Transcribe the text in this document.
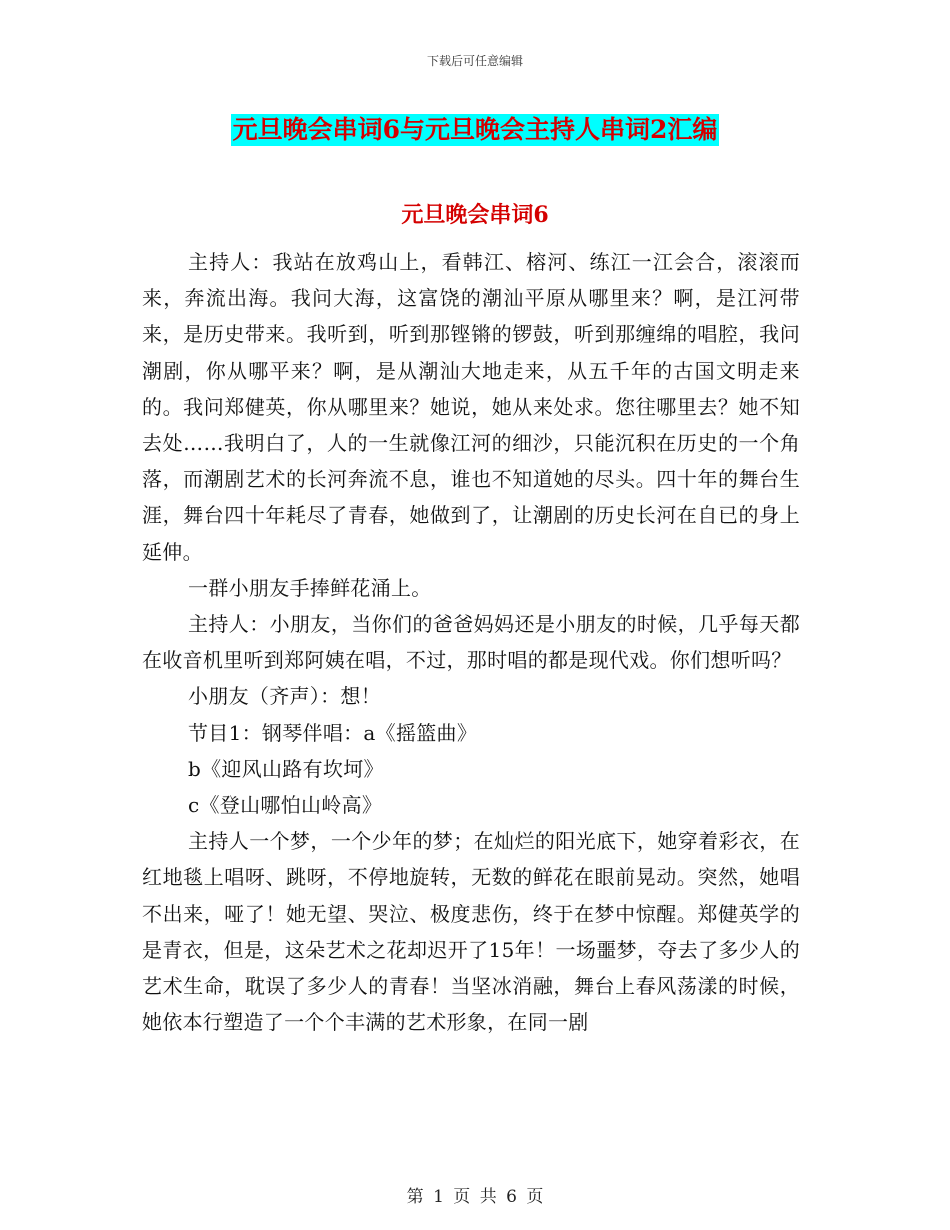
下载后可任意编辑
元旦晚会串词6与元旦晚会主持人串词2汇编
元旦晚会串词6

主持人：我站在放鸡山上，看韩江、榕河、练江一江会合，滚滚而来，奔流出海。我问大海，这富饶的潮汕平原从哪里来？啊，是江河带来，是历史带来。我听到，听到那铿锵的锣鼓，听到那缠绵的唱腔，我问潮剧，你从哪平来？啊，是从潮汕大地走来，从五千年的古国文明走来的。我问郑健英，你从哪里来？她说，她从来处求。您往哪里去？她不知去处……我明白了，人的一生就像江河的细沙，只能沉积在历史的一个角落，而潮剧艺术的长河奔流不息，谁也不知道她的尽头。四十年的舞台生涯，舞台四十年耗尽了青春，她做到了，让潮剧的历史长河在自已的身上延伸。

一群小朋友手捧鲜花涌上。

主持人：小朋友，当你们的爸爸妈妈还是小朋友的时候，几乎每天都在收音机里听到郑阿姨在唱，不过，那时唱的都是现代戏。你们想听吗？

小朋友（齐声）：想！

节目1：钢琴伴唱：a《摇篮曲》

b《迎风山路有坎坷》

c《登山哪怕山岭高》

主持人一个梦，一个少年的梦；在灿烂的阳光底下，她穿着彩衣，在红地毯上唱呀、跳呀，不停地旋转，无数的鲜花在眼前晃动。突然，她唱不出来，哑了！她无望、哭泣、极度悲伤，终于在梦中惊醒。郑健英学的是青衣，但是，这朵艺术之花却迟开了15年！一场噩梦，夺去了多少人的艺术生命，耽误了多少人的青春！当坚冰消融，舞台上春风荡漾的时候，她依本行塑造了一个个丰满的艺术形象，在同一剧

第 1 页 共 6 页
